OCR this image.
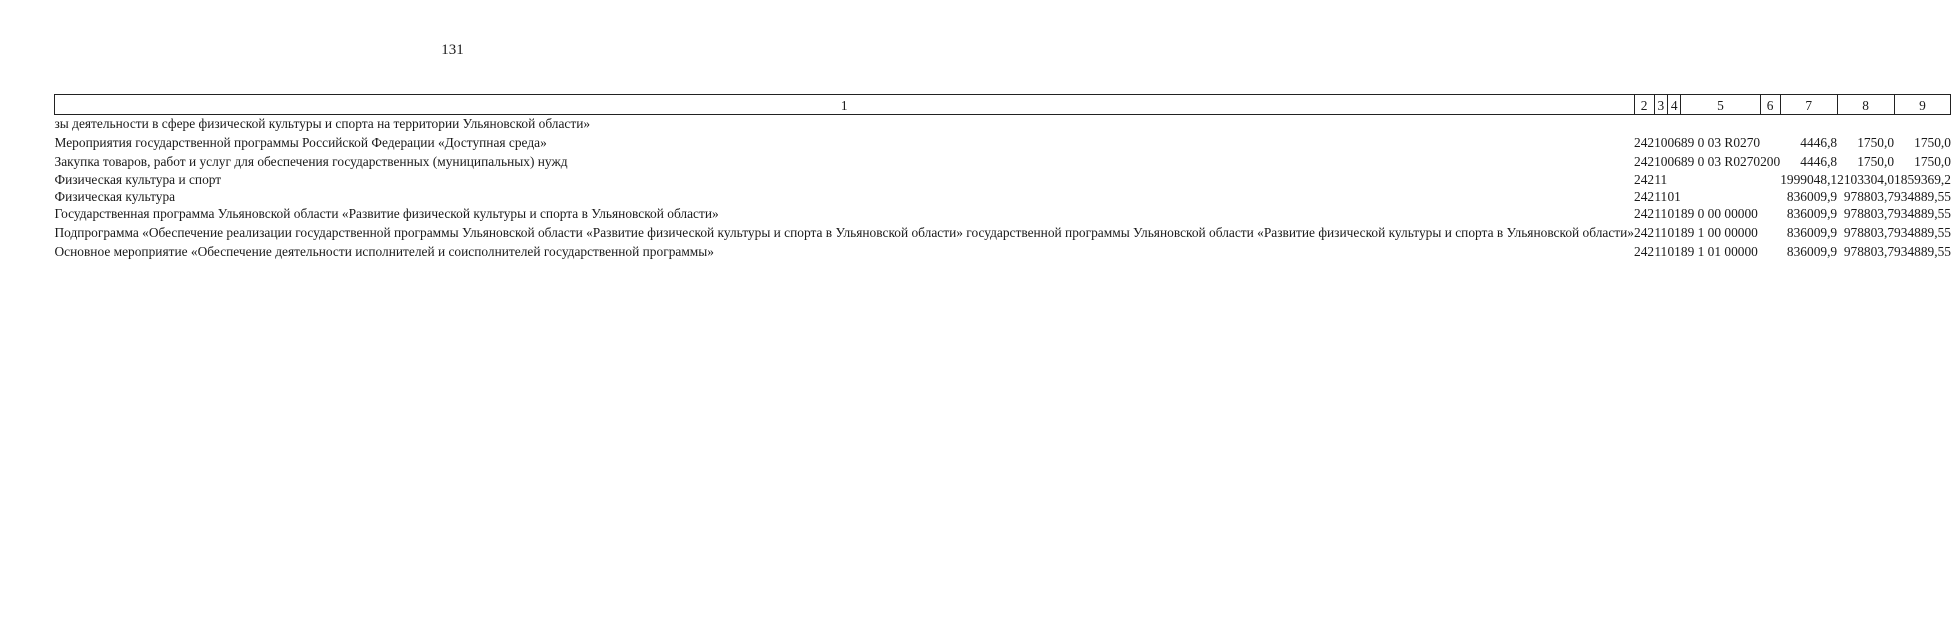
131
1	2	3	4	5	6	7	8	9
зы деятельности в сфере физической культуры и спорта на территории Ульяновской области»								
Мероприятия государственной программы Российской Федерации «Доступная среда»	242	10	06	89 0 03 R0270		4446,8	1750,0	1750,0
Закупка товаров, работ и услуг для обеспечения государственных (муниципальных) нужд	242	10	06	89 0 03 R0270	200	4446,8	1750,0	1750,0
Физическая культура и спорт	242	11				1999048,1	2103304,0	1859369,2
Физическая культура	242	11	01			836009,9	978803,7	934889,55
Государственная программа Ульяновской области «Развитие физической культуры и спорта в Ульяновской области»	242	11	01	89 0 00 00000		836009,9	978803,7	934889,55
Подпрограмма «Обеспечение реализации государственной программы Ульяновской области «Развитие физической культуры и спорта в Ульяновской области» государственной программы Ульяновской области «Развитие физической культуры и спорта в Ульяновской области»	242	11	01	89 1 00 00000		836009,9	978803,7	934889,55
Основное мероприятие «Обеспечение деятельности исполнителей и соисполнителей государственной программы»	242	11	01	89 1 01 00000		836009,9	978803,7	934889,55
